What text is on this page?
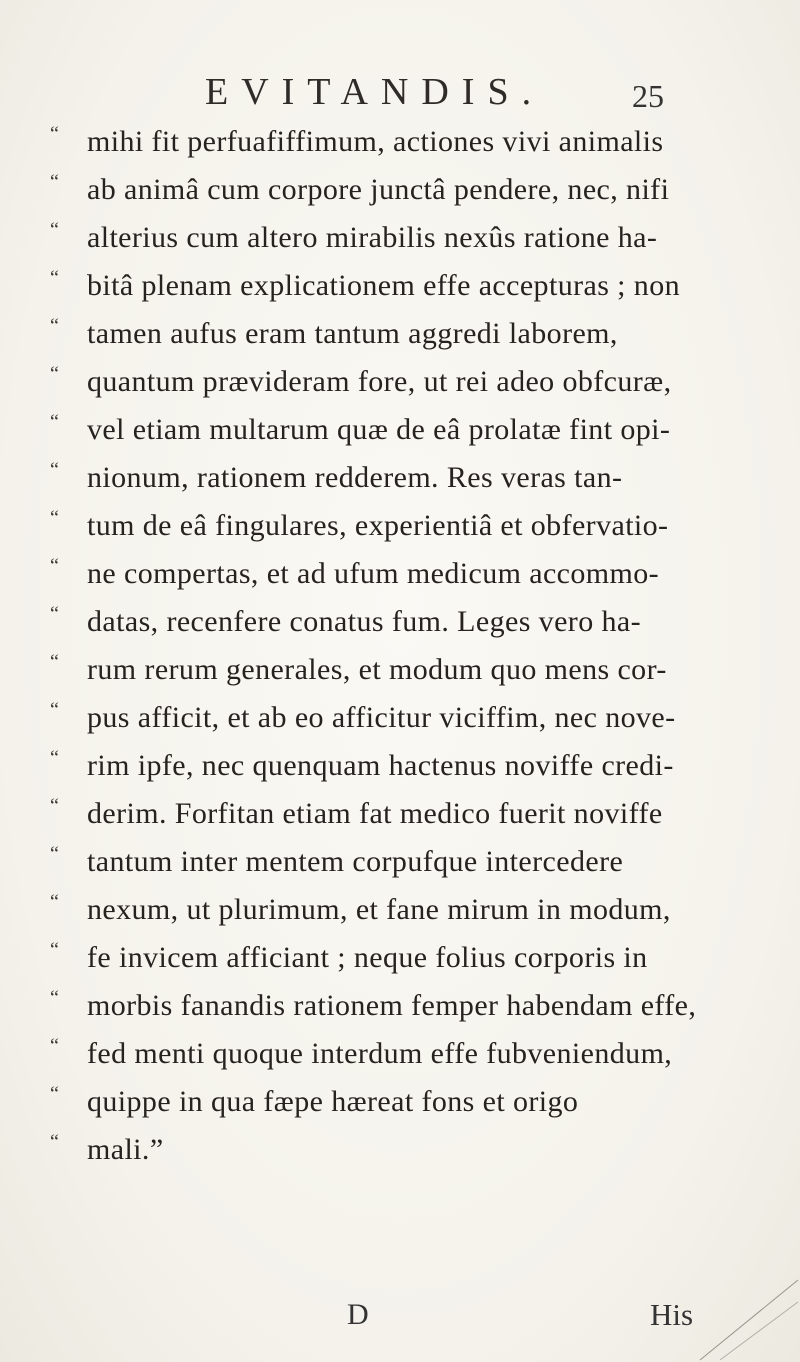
EVITANDIS.	25
“ mihi fit perfuafiffimum, actiones vivi animalis
“ ab animâ cum corpore junctâ pendere, nec, nifi
“ alterius cum altero mirabilis nexûs ratione ha-
“ bitâ plenam explicationem effe accepturas ; non
“ tamen aufus eram tantum aggredi laborem,
“ quantum prævideram fore, ut rei adeo obfcuræ,
“ vel etiam multarum quæ de eâ prolatæ fint opi-
“ nionum, rationem redderem. Res veras tan-
“ tum de eâ fingulares, experientiâ et obfervatio-
“ ne compertas, et ad ufum medicum accommo-
“ datas, recenfere conatus fum. Leges vero ha-
“ rum rerum generales, et modum quo mens cor-
“ pus afficit, et ab eo afficitur viciffim, nec nove-
“ rim ipfe, nec quenquam hactenus noviffe credi-
“ derim. Forfitan etiam fat medico fuerit noviffe
“ tantum inter mentem corpufque intercedere
“ nexum, ut plurimum, et fane mirum in modum,
“ fe invicem afficiant ; neque folius corporis in
“ morbis fanandis rationem femper habendam effe,
“ fed menti quoque interdum effe fubveniendum,
“ quippe in qua fæpe hæreat fons et origo
“ mali.”
D	His
